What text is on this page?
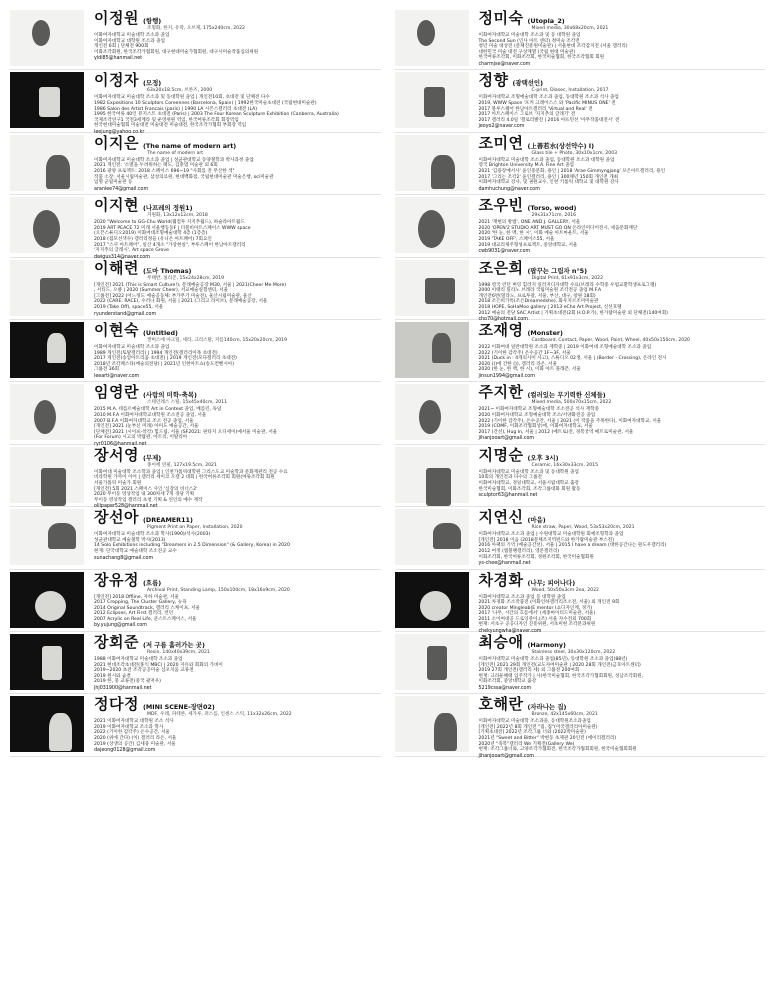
이정원 (항행)
조형화, 한지, 유막, 오브제, 175x240cm, 2022
이화여자대학교 미술대학 조소과 졸업
이화여자대학교 대학원 조소과 졸업
개인전 6회 | 단체전 900회
이화조각회원, 한국조각가협회원, 대구현대미술가협회원, 대구시미술작품심의위원
yldi85@hanmail.net
이정자 (모정)
63x20x18.5cm, 브론즈, 2000
이화여자대학교 미술대학 조소과 및 동대학원 졸업 | 개인전10회, 초대전 및 단체전 다수
1982 Expositions 10 Sculptors Coreennes (Barcelona, Spain) | 1992한국미술초대전 (국립현대미술관)
1986 Salon des Artist Francais (paris) | 1990 LA 시몬스갤러리 초대전 (LA)
1995 한국여류 40인 뮤지스트 초대전 (Paris) | 2003 The Four Korean Sculpture Exhibition (Canberra, Australia)
국제조각연구1 국전3세계라 및 운영위원 역임, 한국여류조각회 회장역임
한국현대미술협회 미술대전 미술대전 미술대전, 한국조각가협회 부회장 역임
leejung@yahoo.co.kr
이지은 (The name of modern art)
The name of modern art
이화여자대학교 미술대학 조소과 졸업 | 성균관대학교 동양철학과 박사과정 졸업
2021 개인전: '소멸을 두려워하는 태도, 김충엽 미술관 외 6회
2016 광양 프로젝트: 2018 스페이스 696~19 "사회를 전 무산한 색"
작품 소장: 서울시립미술관, 삼성의료원, 현대백화점, 국립현대미술관 미술은행, oci미술관
임명 군립미술관 등
aranlee74@gmail.com
이지현 (나프레의 정원1)
지원화, 13x12x12cm, 2018
2020 "Welcome to GG-Chu World(웰컴투 지지추월드), 하슬라아트월드
2019 ART PEACE 72 미래 서울행동동F | 더블비아트스페이스 WWW space
(오픈스튜디오2019) 이화여대조형예술대학 4층 (1층층)
2018 (집모선색수) 갤러리정들 (유니온 아트페어) 7회요인
2017 "스쿠 아트페어", 일산 4개소 "가상현실", 부루스페어 한남아트갤러리
'지지추의 글래시', Art space Grove
dwigus314@naver.com
이해련 (도마 Thomas)
무태반, 실리콘, 15x24x28cm, 2019
[개인전] 2021 (This is Smart Culture!), 문래예술공장 M30, 서울 | 2021(Cheer Me More)
, 서티드, 오클 | 2020 (Summer Cheer), 서교예술실험센터, 서울
[그룹전] 2022 (어느정도 예술공동체: 부가무기 미술전), 울산시립미술관, 울산
2022 (CARE: RACE), 수러나 화원, 서울 | 2021 (그리고 라이브), 문래예술공장, 서울
2019 (Take Off), space55, 서울
ryunderstand@gmail.com
이현숙 (Untitled)
캔버스에 아크릴, 세라, 크리스탈, 지름140cm, 15x20x20cm, 2019
이화여자대학교 미술대학 조소과 졸업
1989 개인전(토탈갤러리) | 1994 개인전(갤러리이목 초대전)
2017 개인전(송암아트리움 초대전) | 2019 개인전(모다갤러리 초대전)
2018년 조각페스타(예술의전당) | 2021년 인천아트쇼(송도컨벤시아)
그룹전 36회
leearti@naver.com
임영란 (사람의 미학-축복)
스테인레스 스틸, 15x45x40cm, 2011
2015 M.A. 테를르예술대학 Art in Context 졸업, 베를린, 독일
2010 M.F.A 이화여자대학교대학원 조소전공 졸업, 서울
2007 B.F.A 이화여자대학교 조소 전공 졸업, 서울
[개인전] 2021 (눈부신 미래) 아미도 예술공간, 서울
[단체전] 2021 (시이프-착각) 힘드림, 서울 (SF2021: 판타지 오디세이)예서울 미술관, 서울
(For Forum) 시고의 박람관, 아트리, 이탈리아
ryr0106@hanmail.net
장서영 (무제)
종이에 연필, 127x19.5cm, 2021
이화여대 미술대학 조소학과 졸업 | 인천가톨릭대학원 그리스도교 미술학과 문화재관리 전공 수료
비라학원 가까이 이어 | 갤러리 세이코 오갤 2 대회 | 한국여류조각회 회원(여류조각회 회원
서울가톨릭 미술가 회원
[개인전] 5회 2021 스페이스 사인 '심장의 비너스2'
2020 무이동 영상작업 내 300차세 7개 경당 기획
무이동 영상작업 갤러리 초청 기획 & 연인의 예수 재작
ollipaper528@hanmail.net
장선아 (DREAMER11)
Pigment Print on Paper, Installation, 2020
이화여자대학교 미술대학 조소과 학사(1990)/석사(2003)
성균관대학교 예술철학 박사(2013)
14 Solo Exhibitions including "Dreamers in 2.5 Dimension" (& Gallery, Korea) in 2020
현재: 단국대학교 예술대학 조소전공 교수
sunachang8@gmail.com
장유정 (흐름)
Archival Print, Standing Lamp, 150x100cm, 18x16x9cm, 2020
[개인전] 2018 Offline, 자하 미술관, 서울
2017 Cropping, The Cluster Gallery, 뉴욕
2014 Original Soundtrack, 갤러리 스케이프, 서울
2012 Eclipses, Art First 갤러리, 런던
2007 Acrylic on Real Life, 쿤스트스페이스, 서울
by.yujung@gmail.com
장회준 (저 구름 흘러가는 곳)
Resin, 140x40x39cm, 2021
1988 이화여자대학교 미술대학 조소과 졸업
2021 현대조각초대전(홍익 MBC) | 2020 지유와 회화의 가벼이
2019~2020 초전 조각공공미술 심포지움 교류전
2019 원시와 숨결
2019 한, 중 교류전(중국 광저우)
jhj031900@hanmail.net
정다정 (MINI SCENE-장면02)
MDF, 우레, 파테론, 세가루, 퍼스를, 인센스 스틱, 11x32x26cm, 2022
2021 이화여자대학교 대학원 조소 석사
2019 이화여자대학교 조소과 학사
2022 (기이한 감각주) 온수공간, 서울
2020 (위에 간다) (이) 갤러리 라온, 서울
2019 (상생의 공간) 김세중 미술관, 서울
dajeong0128@gmail.com
정미숙 (Utopia_2)
Mixed media, 30x68x20cm, 2021
이화여자대학교 미술대학 조소과 및 동 대학원 졸업
The Second Sun (인사 아트 센터) 정미숙 조각전
청년 미술 대상전 (문체진흥원미술관) | 서울현대 조각갑지전 (서울 갤러리)
대한민국 미술 대전 구상계열 (국립 현대 미술관)
한국여류조각회, 이화조각회, 한국미술협회, 한국조각협회 회원
charmjse@naver.com
정향 (광택선인)
C-print, Diasec, Installation, 2017
이화여자대학교 조형예술대학 조소과 졸업, 동대학원 조소과 석사 졸업
2019, WWW Space '포커 크레이스스 와 'Pacific MINUS ONE' 전
2017 블루스퀘어 한남아트갤러리 'Virtual and Real' 전
2017 아트스페이스 그로브 '지지추의 글래기' 전
2017 갤러리 4.0일 '갤로리발전 | 2016 아뜨민선 '아무작품대전시' 전
jeoyo2@naver.com
조미연 (上善若水(상선약수) I)
Glass tile + Photo, 30x10x1cm, 2003
이화여자대학교 미술대학 조소과 졸업, 동대학원 조소과 대학원 졸업
영국 Brighton University M.A. Fine Art 졸업
2021 '김용장예서사' 윤인중문화, 용인 | 2018 'Arae Gimmyngjang' 포은아트갤러리, 용인
2017 '그리는 조각2' 윤인갤러리, 용인 | 300채년 150회 개인전 개최
이화여자대학교 강사, 및 권원교수, 인천 키톨릭 대학교 및 대학원 강사
damhuchung@naver.com
조우빈 (Torso, wood)
29x31x71cm, 2016
2021 '재현의 방법', ONE AND J. GALLERY, 서울
2020 'OPEN'2 STUDIO ART MUST GO ON 온라인미디어전시, 세움문화재단
2020 '한 눈, 한 맥, 한 시', 이화 예술 아트마운트, 서울
2019 'TAKE OFF', 스페이스55, 서울
2019 대교리제주형성프로젝트, 중앙대학교, 서울
cwb9031@naver.com
조은희 (팝꾸는 그림자 n°5)
Digital Print, 61x91x3cm, 2022
1998 영국 런던 버밍 힐러지 일러지디자대학 수료(브레라 수학중 우럽교환학생프로그램)
2000 이태리 밀라노 브레라 국립미술원 조각전공 졸업 M.F.A
개인전6번(밀라노, 프로투갈, 서울, 부산, 대구, 창원 18회)
2018 조은희가특(조은Dreamedshe), 화우지르조미미술관
2018 HOPE, SoHaMoo gallery | 2013 eCho Art Project, 신선호텔
2012 예술의 전당 SAC Artist | 기획초대전(2회 H.O.P.가), 한가람미술관 외 단체전(140여회)
cho70@hotmail.com
조재영 (Monster)
Cardboard, Contact, Paper, Wood, Paint, Wheel, 40x50x150cm, 2020
2022 이화여대 일반대학원 조소과 재학중 | 2019 이화여대 조형예술대학 조소과 졸업
2022 (기이한 감각주) 온수공간 1F~3F, 서울
2021 (Duck in : 4개의사이 사고), 스튜디오 02생, 서울 | (Border - Crossing), 온라인 전시
2020 (()에 간한 ()), 갤러리 라온, 서울
2020 (한 눈, 한 맥, 한 시), 이화 아트 플래폰, 서울
jinsun1994@gmail.com
주지한 (컬러있는 무기력한 신체들)
Mixed media, 500x70x15cm, 2022
2021~ 이화여자대학교 조형예술대학 조소전공 석사 재학중
2020 이화여자대학교 조형예술대학 조소/서양화전공 졸업
2022 (기이한 감각주), 온수공간, 서울 | 2021 (이 작품을 주목한다), 이화여자대학교, 서울
2019 (COMF, 이화조각협회상)에, 이화여자대학교, 서울
2017 (간선), Hug In, 서울 | 2012 (메트로)전, 경복궁역 메트로미술관, 서울
jihanjooart@gmail.com
지명순 (오후 3시)
Ceramic, 16x30x33cm, 2015
이화여자대학교 미술대학 조소과 및 동대학원 졸업
10회의 개인전과 다수의 그룹전
이화여자대학교, 경일대학교, 서울시립대학교 출강
한국미술협회, 이화조각회, 조각그룹대화 회원 활동
sculptor63@hanmail.net
지연신 (마음)
Rice straw, Paper, Wood, 53x53x20cm, 2021
이화여자대학교 조소과 졸업 | 수원대학교 미술대학원 회예조형학과 졸업
[개인전] 2018 이음 (2018문체조지역펀드와 한가람미술관 부스전)
2016 아팩의 기억 (예술공간선), 서울 | 2015 I have a dream (대한공간나는 원도우갤러리)
2012 여정 (엠블랭갤러리), 영문갤러리)
이화조각회, 한국여류조각회, 경원조각회, 한국미술협회원
ys-chee@hanmail.net
차경화 (나무; 피어나다)
Wood, 50x50x3cm 2ea, 2022
이화여자대학교 조소과 졸업 동 대학원 졸업
2021 차경화 조소작품전 (이화인하갤러리조소전, 서울) 외 개인전 9회
2020 creator Mingleab(E mentor (쇼디자인계, 경기)
2017 '나무, 시간의 흐름에서' (세종마이티드미술관, 서울)
2011 소이여대공 드로잉쥬아.(조) 서울 자수전외 700회
현재: 서초구 공공디자인 진흥위원, 서초미현 조각분과위원
chekyungwha@naver.com
최승애 (Harmony)
Stainless steel, 30x30x120cm, 2022
이화여자대학교 미술대학 조소과 졸업(85년), 동대학원 조소과 졸업(88년)
[개인전] 2021 29회 개인전(교도자여미술관 | 2020 28회 개인전(금호아트센터)
2019 27회 개인전(갤러리 세) 외 그룹전 200여회
현재: 크라운해태 입주작가 | 사)한국미술협회, 한국조각가협회회원, 성남조각회원,
이화조각회, 중앙대학교 출강
5219cssa@naver.com
호해란 (자라나는 집)
Bronze, 42x145x60cm, 2021
이화여자대학교 미술대학 조소과졸, 동대학원조소과졸업
[개인전] 2022년 8회 개인전 "집, 집"(미국갤러리아미술관)
[기획초대전] 2022년 조각그룹 너와 (2022박미술관)
2021년 "Sweet and Bitter" 박현동 초제관 20인전 (에이리갤러리)
2020년 "축복"갤러리 We 기획전(Gallery We)
현재: 조각그룹너와, 고양조각가협회전, 한국조각가협회회원, 한국미술협회회원
jihanjooart@gmail.com
